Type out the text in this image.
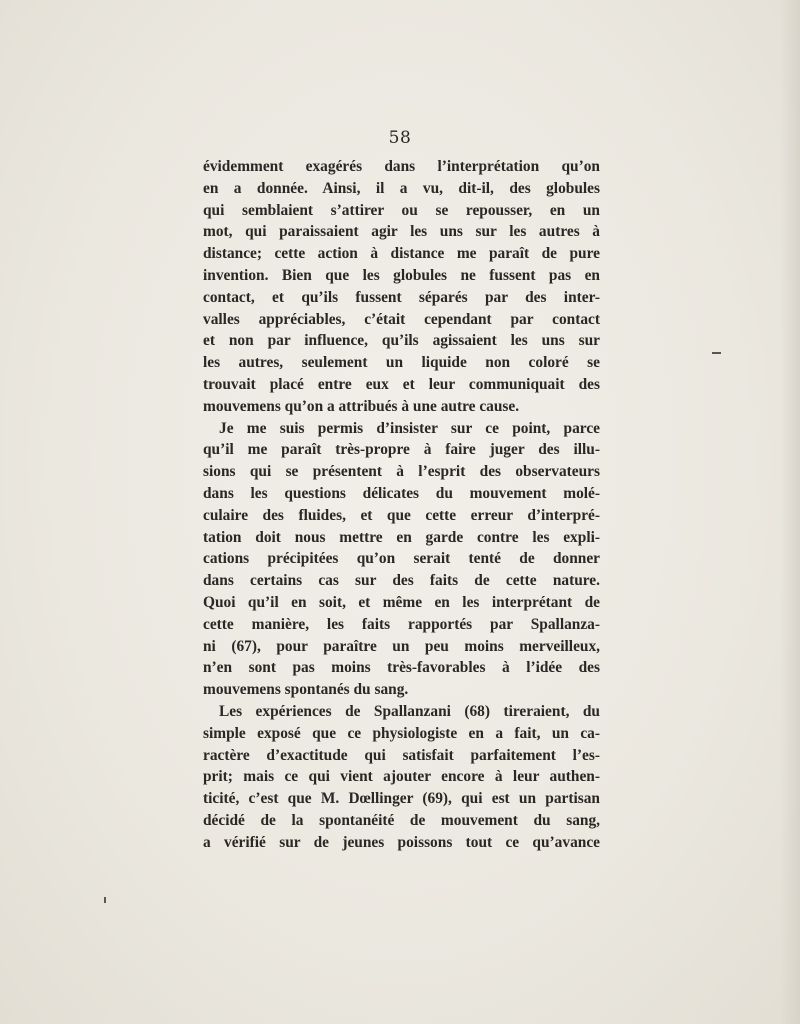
58
évidemment exagérés dans l’interprétation qu’on
en a donnée. Ainsi, il a vu, dit-il, des globules
qui semblaient s’attirer ou se repousser, en un
mot, qui paraissaient agir les uns sur les autres à
distance; cette action à distance me paraît de pure
invention. Bien que les globules ne fussent pas en
contact, et qu’ils fussent séparés par des inter-
valles appréciables, c’était cependant par contact
et non par influence, qu’ils agissaient les uns sur
les autres, seulement un liquide non coloré se
trouvait placé entre eux et leur communiquait des
mouvemens qu’on a attribués à une autre cause.
Je me suis permis d’insister sur ce point, parce
qu’il me paraît très-propre à faire juger des illu-
sions qui se présentent à l’esprit des observateurs
dans les questions délicates du mouvement molé-
culaire des fluides, et que cette erreur d’interpré-
tation doit nous mettre en garde contre les expli-
cations précipitées qu’on serait tenté de donner
dans certains cas sur des faits de cette nature.
Quoi qu’il en soit, et même en les interprétant de
cette manière, les faits rapportés par Spallanza-
ni (67), pour paraître un peu moins merveilleux,
n’en sont pas moins très-favorables à l’idée des
mouvemens spontanés du sang.
Les expériences de Spallanzani (68) tireraient, du
simple exposé que ce physiologiste en a fait, un ca-
ractère d’exactitude qui satisfait parfaitement l’es-
prit; mais ce qui vient ajouter encore à leur authen-
ticité, c’est que M. Dœllinger (69), qui est un partisan
décidé de la spontanéité de mouvement du sang,
a vérifié sur de jeunes poissons tout ce qu’avance
